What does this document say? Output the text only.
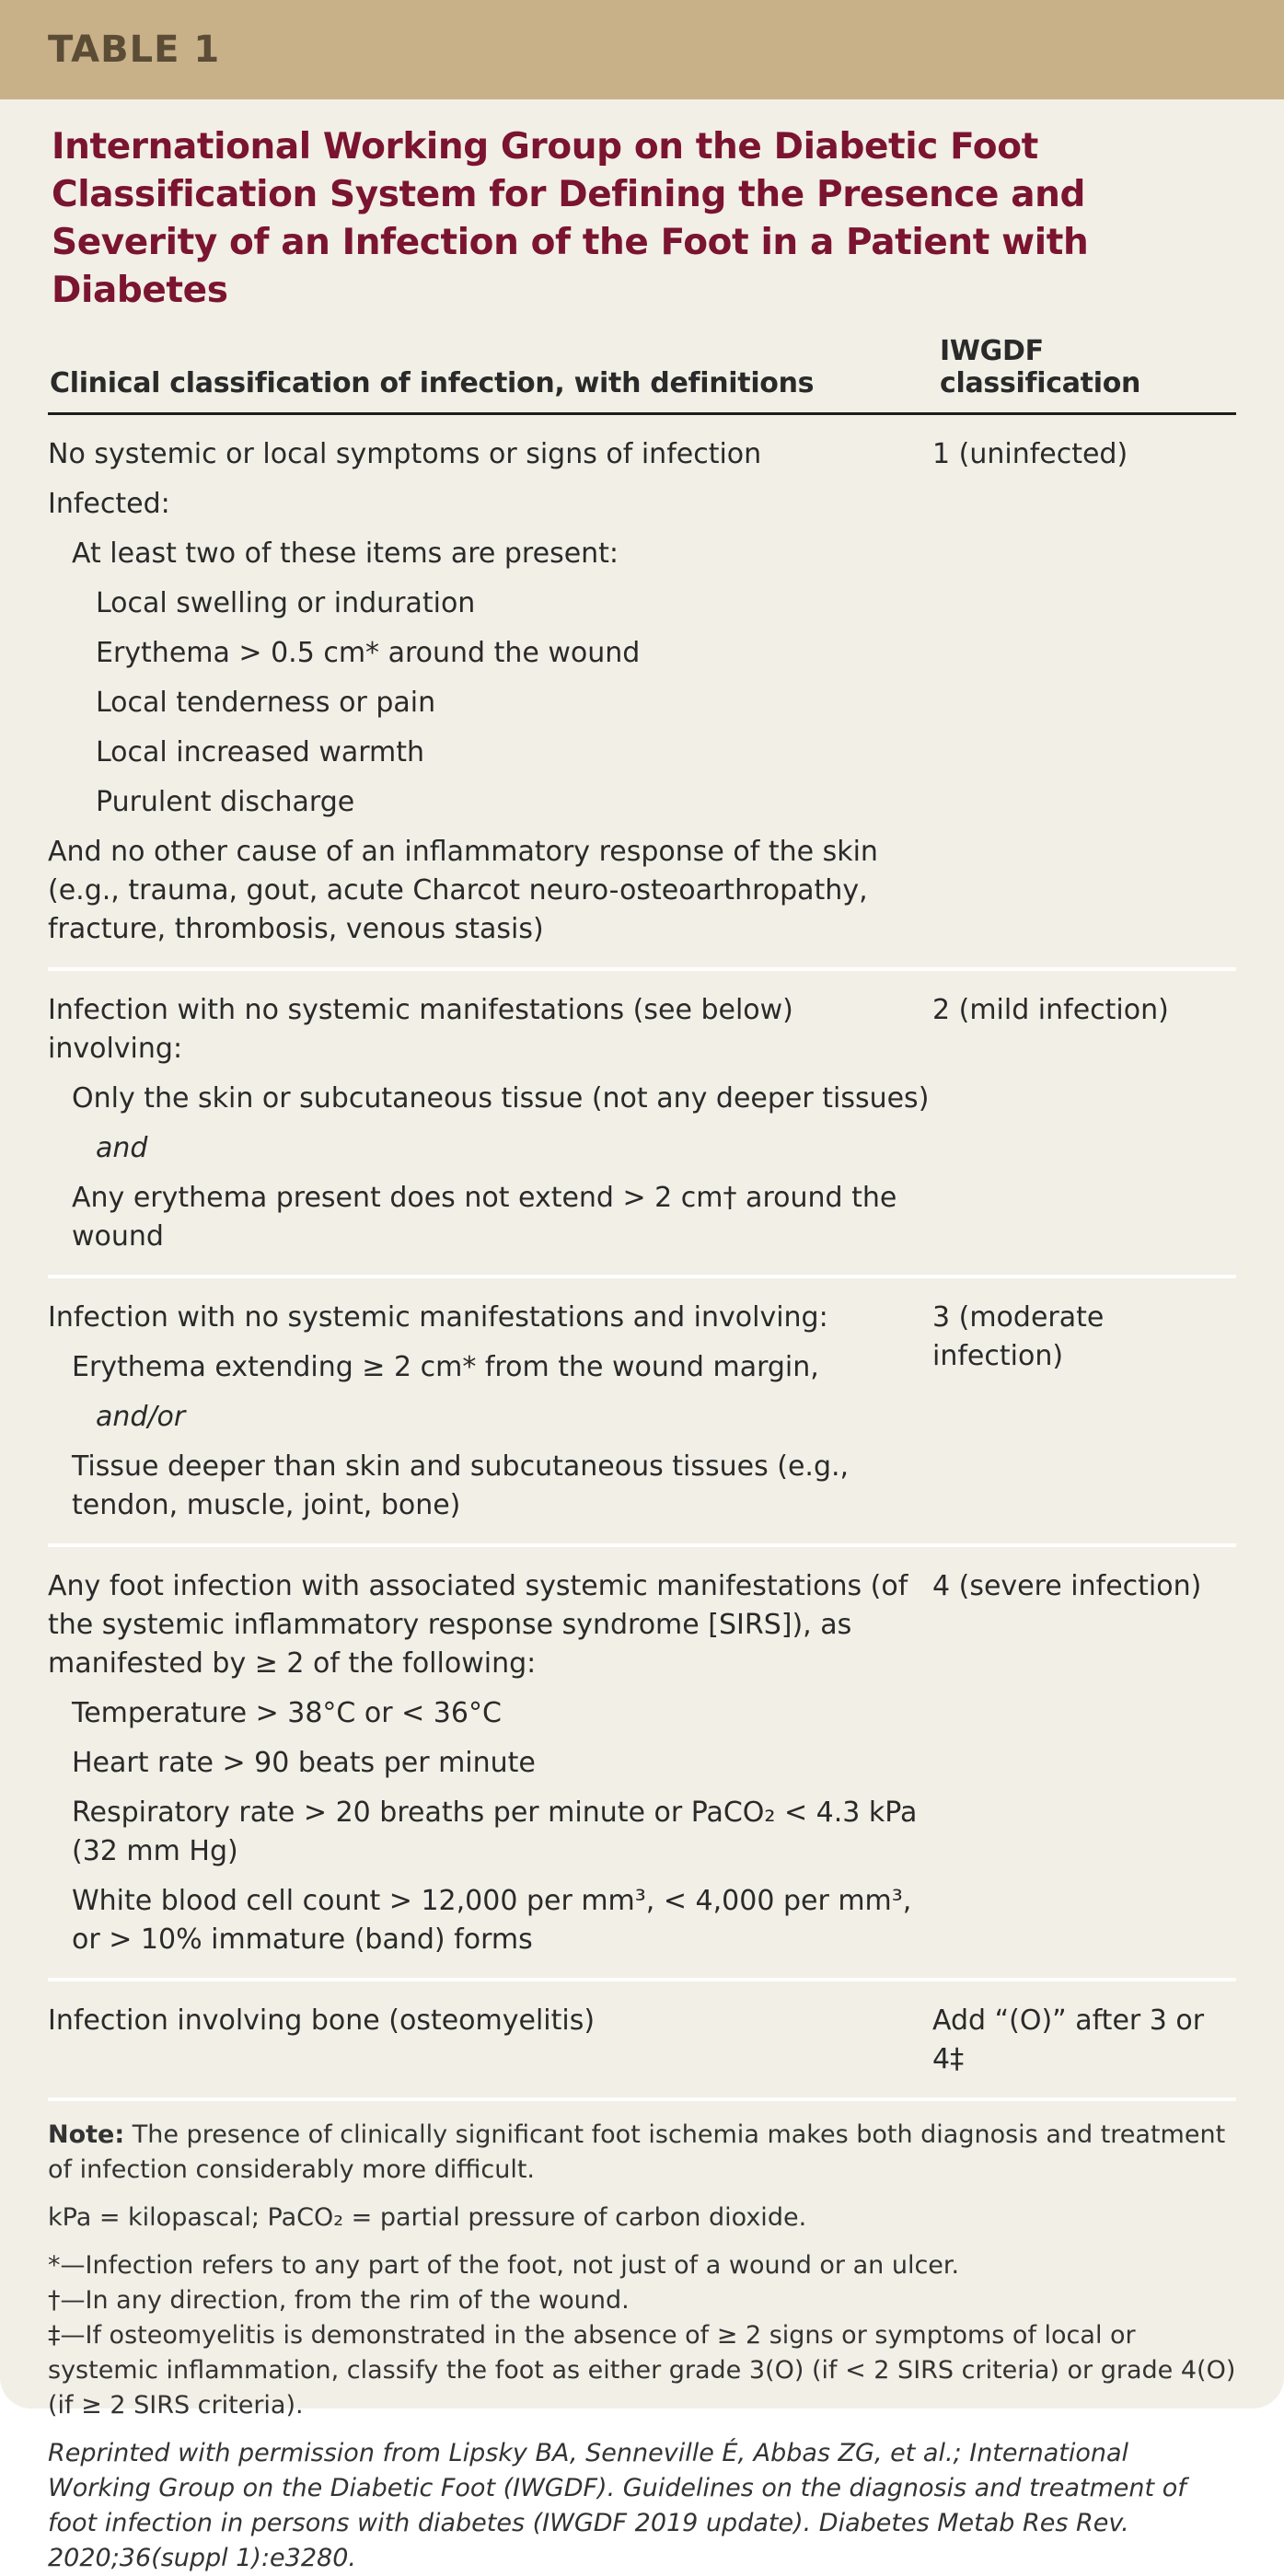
TABLE 1
International Working Group on the Diabetic Foot Classification System for Defining the Presence and Severity of an Infection of the Foot in a Patient with Diabetes
Clinical classification of infection, with definitions
IWGDF classification
No systemic or local symptoms or signs of infection
Infected:
At least two of these items are present:
Local swelling or induration
Erythema > 0.5 cm* around the wound
Local tenderness or pain
Local increased warmth
Purulent discharge
And no other cause of an inflammatory response of the skin (e.g., trauma, gout, acute Charcot neuro-osteoarthropathy, fracture, thrombosis, venous stasis)
1 (uninfected)
Infection with no systemic manifestations (see below) involving:
Only the skin or subcutaneous tissue (not any deeper tissues)
and
Any erythema present does not extend > 2 cm† around the wound
2 (mild infection)
Infection with no systemic manifestations and involving:
Erythema extending ≥ 2 cm* from the wound margin,
and/or
Tissue deeper than skin and subcutaneous tissues (e.g., tendon, muscle, joint, bone)
3 (moderate infection)
Any foot infection with associated systemic manifestations (of the systemic inflammatory response syndrome [SIRS]), as manifested by ≥ 2 of the following:
Temperature > 38°C or < 36°C
Heart rate > 90 beats per minute
Respiratory rate > 20 breaths per minute or PaCO₂ < 4.3 kPa (32 mm Hg)
White blood cell count > 12,000 per mm³, < 4,000 per mm³, or > 10% immature (band) forms
4 (severe infection)
Infection involving bone (osteomyelitis)	Add “(O)” after 3 or 4‡

Note: The presence of clinically significant foot ischemia makes both diagnosis and treatment of infection considerably more difficult.

kPa = kilopascal; PaCO₂ = partial pressure of carbon dioxide.

*—Infection refers to any part of the foot, not just of a wound or an ulcer.
†—In any direction, from the rim of the wound.
‡—If osteomyelitis is demonstrated in the absence of ≥ 2 signs or symptoms of local or systemic inflammation, classify the foot as either grade 3(O) (if < 2 SIRS criteria) or grade 4(O) (if ≥ 2 SIRS criteria).

Reprinted with permission from Lipsky BA, Senneville É, Abbas ZG, et al.; International Working Group on the Diabetic Foot (IWGDF). Guidelines on the diagnosis and treatment of foot infection in persons with diabetes (IWGDF 2019 update). Diabetes Metab Res Rev. 2020;36(suppl 1):e3280.
